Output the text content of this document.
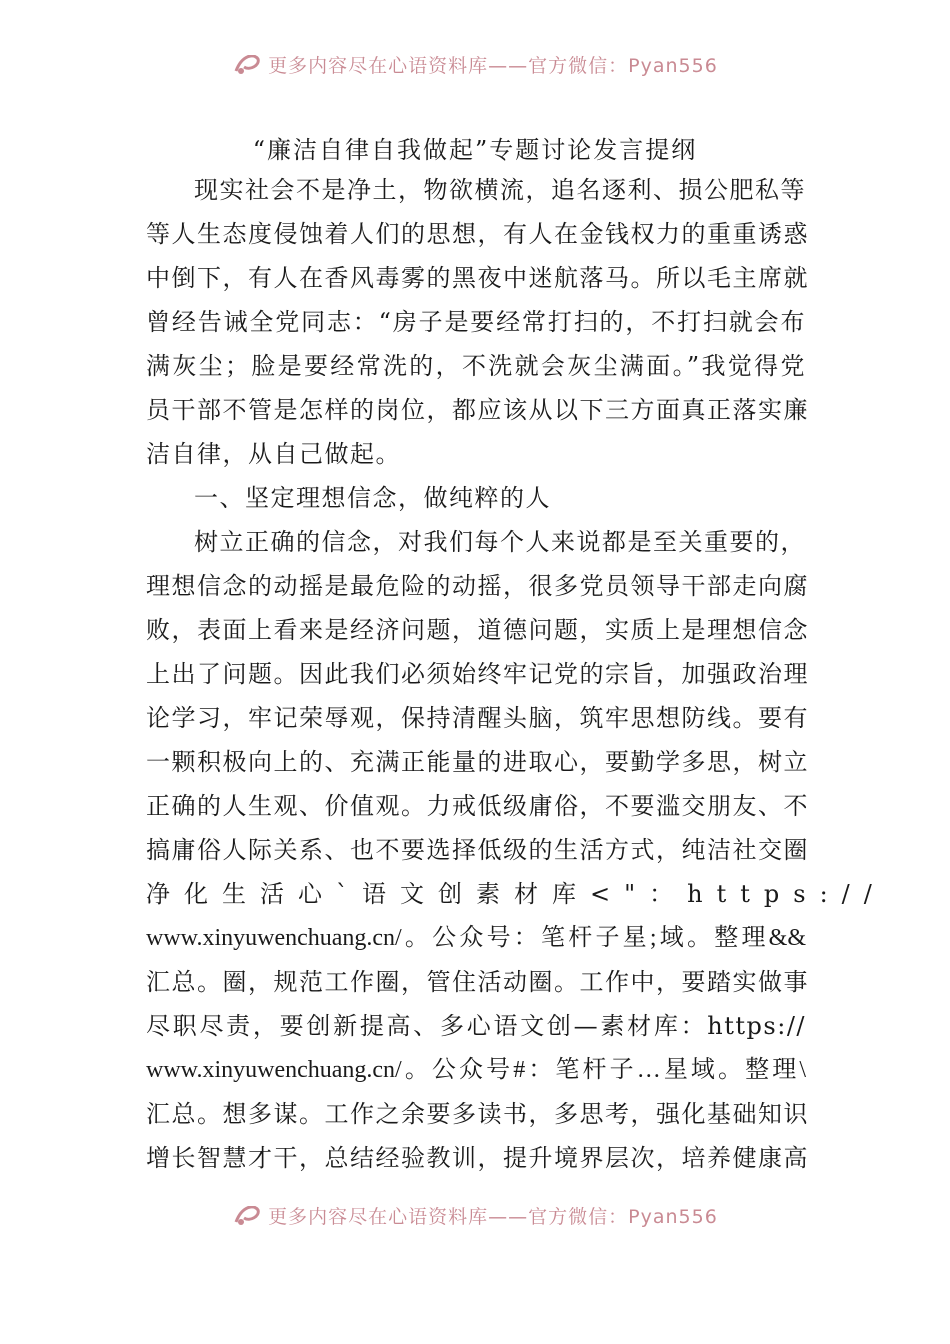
更多内容尽在心语资料库——官方微信：Pyan556
“廉洁自律自我做起”专题讨论发言提纲
现实社会不是净土，物欲横流，追名逐利、损公肥私等
等人生态度侵蚀着人们的思想，有人在金钱权力的重重诱惑
中倒下，有人在香风毒雾的黑夜中迷航落马。所以毛主席就
曾经告诫全党同志：“房子是要经常打扫的，不打扫就会布
满灰尘；脸是要经常洗的，不洗就会灰尘满面。”我觉得党
员干部不管是怎样的岗位，都应该从以下三方面真正落实廉
洁自律，从自己做起。
一、坚定理想信念，做纯粹的人
树立正确的信念，对我们每个人来说都是至关重要的，
理想信念的动摇是最危险的动摇，很多党员领导干部走向腐
败，表面上看来是经济问题，道德问题，实质上是理想信念
上出了问题。因此我们必须始终牢记党的宗旨，加强政治理
论学习，牢记荣辱观，保持清醒头脑，筑牢思想防线。要有
一颗积极向上的、充满正能量的进取心，要勤学多思，树立
正确的人生观、价值观。力戒低级庸俗，不要滥交朋友、不
搞庸俗人际关系、也不要选择低级的生活方式，纯洁社交圈
净化生活心`语文创素材库<"：https://
www.xinyuwenchuang.cn/。公众号：笔杆子星;域。整理&&
汇总。圈，规范工作圈，管住活动圈。工作中，要踏实做事
尽职尽责，要创新提高、多心语文创—素材库：https://
www.xinyuwenchuang.cn/。公众号#：笔杆子…星域。整理\
汇总。想多谋。工作之余要多读书，多思考，强化基础知识
增长智慧才干，总结经验教训，提升境界层次，培养健康高
更多内容尽在心语资料库——官方微信：Pyan556
